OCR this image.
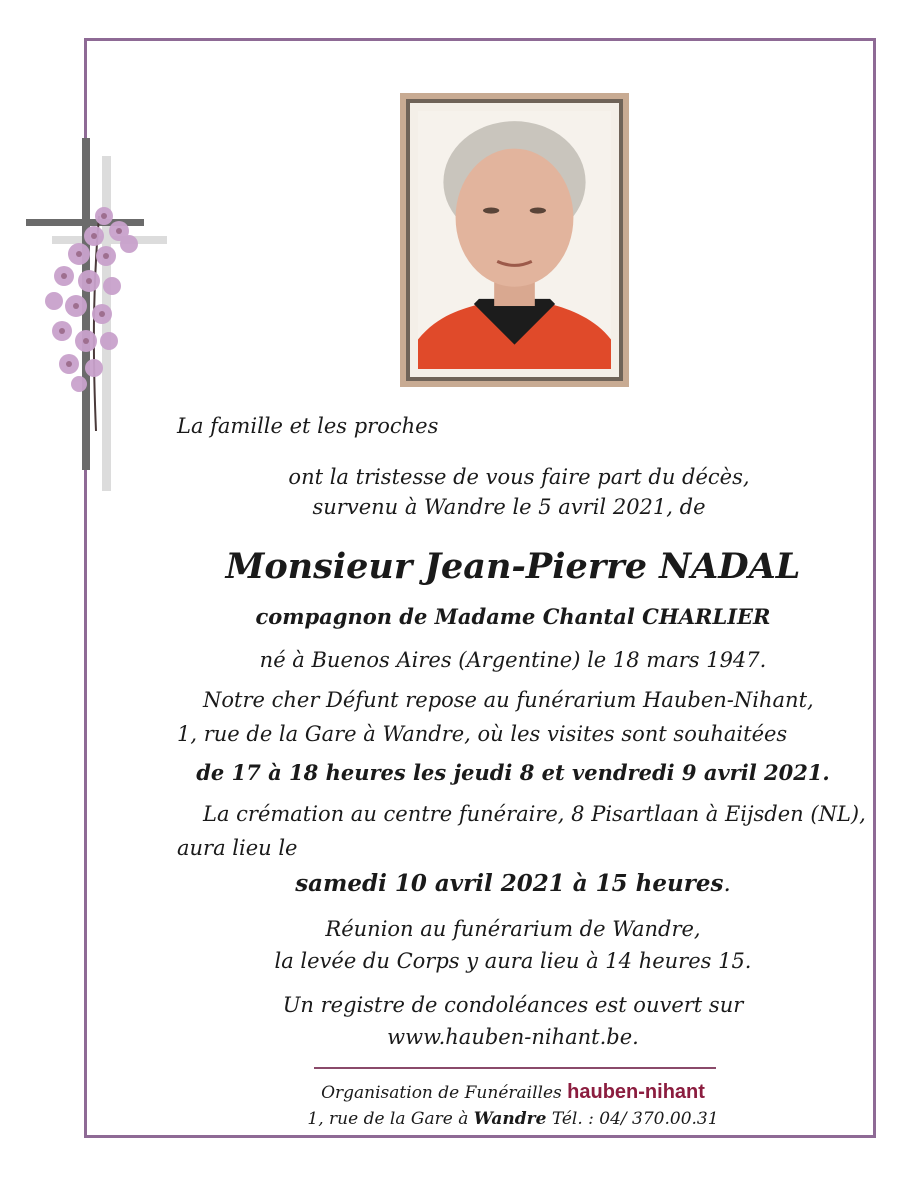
La famille et les proches
ont la tristesse de vous faire part du décès,
survenu à Wandre le 5 avril 2021, de
Monsieur Jean-Pierre NADAL
compagnon de Madame Chantal CHARLIER
né à Buenos Aires (Argentine) le 18 mars 1947.
Notre cher Défunt repose au funérarium Hauben-Nihant,
1, rue de la Gare à Wandre, où les visites sont souhaitées
de 17 à 18 heures les jeudi 8 et vendredi 9 avril 2021.
La crémation au centre funéraire, 8 Pisartlaan à Eijsden (NL),
aura lieu le
samedi 10 avril 2021 à 15 heures.
Réunion au funérarium de Wandre,
la levée du Corps y aura lieu à 14 heures 15.
Un registre de condoléances est ouvert sur
www.hauben-nihant.be.
Organisation de Funérailles hauben-nihant
1, rue de la Gare à Wandre Tél. : 04/ 370.00.31
